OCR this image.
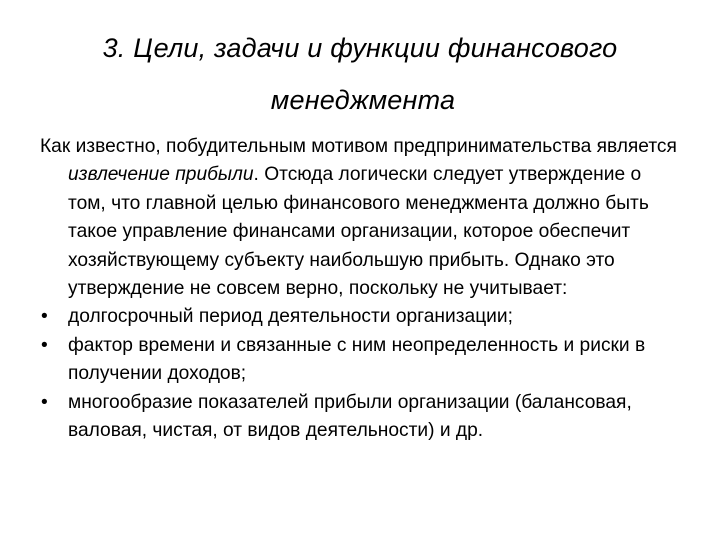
3. Цели, задачи и функции финансового
менеджмента

Как известно, побудительным мотивом предпринимательства является извлечение прибыли. Отсюда логически следует утверждение о том, что главной целью финансового менеджмента должно быть такое управление финансами организации, которое обеспечит хозяйствующему субъекту наибольшую прибыть. Однако это утверждение не совсем верно, поскольку не учитывает:

•	долгосрочный период деятельности организации;
•	фактор времени и связанные с ним неопределенность и риски в получении доходов;
•	многообразие показателей прибыли организации (балансовая, валовая, чистая, от видов деятельности) и др.
